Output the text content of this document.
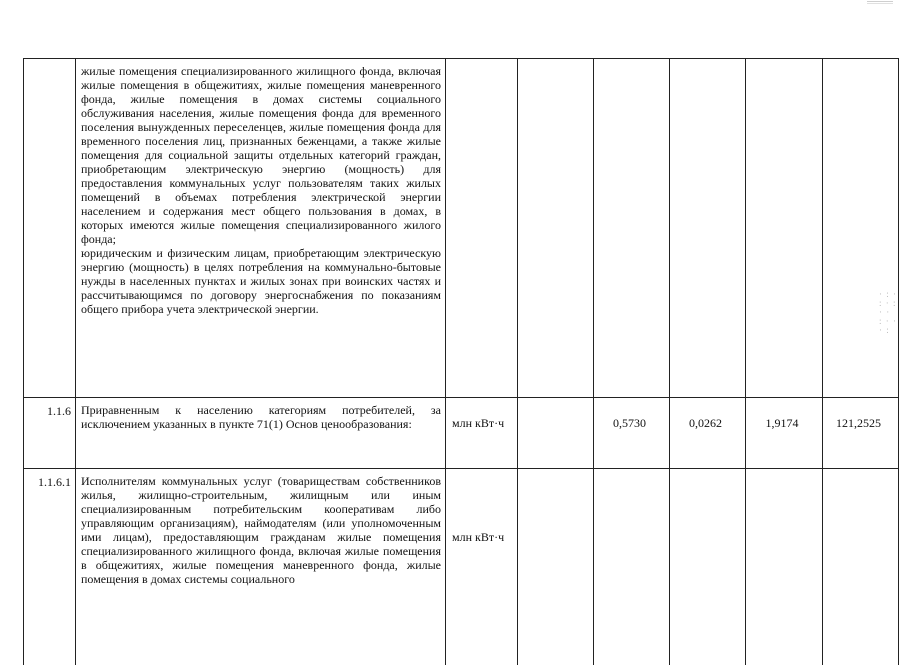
· : ·
: · :
· ·
: · ·
· :

	жилые помещения специализированного жилищного фонда, включая жилые помещения в общежитиях, жилые помещения маневренного фонда, жилые помещения в домах системы социального обслуживания населения, жилые помещения фонда для временного поселения вынужденных переселенцев, жилые помещения фонда для временного поселения лиц, признанных беженцами, а также жилые помещения для социальной защиты отдельных категорий граждан, приобретающим электрическую энергию (мощность) для предоставления коммунальных услуг пользователям таких жилых помещений в объемах потребления электрической энергии населением и содержания мест общего пользования в домах, в которых имеются жилые помещения специализированного жилого фонда;

юридическим и физическим лицам, приобретающим электрическую энергию (мощность) в целях потребления на коммунально-бытовые нужды в населенных пунктах и жилых зонах при воинских частях и рассчитывающимся по договору энергоснабжения по показаниям общего прибора учета электрической энергии.						

1.1.6	Приравненным к населению категориям потребителей, за исключением указанных в пункте 71(1) Основ ценообразования:	млн кВт·ч		0,5730	0,0262	1,9174	121,2525
1.1.6.1	Исполнителям коммунальных услуг (товариществам собственников жилья, жилищно-строительным, жилищным или иным специализированным потребительским кооперативам либо управляющим организациям), наймодателям (или уполномоченным ими лицам), предоставляющим гражданам жилые помещения специализированного жилищного фонда, включая жилые помещения в общежитиях, жилые помещения маневренного фонда, жилые помещения в домах системы социального	млн кВт·ч					
